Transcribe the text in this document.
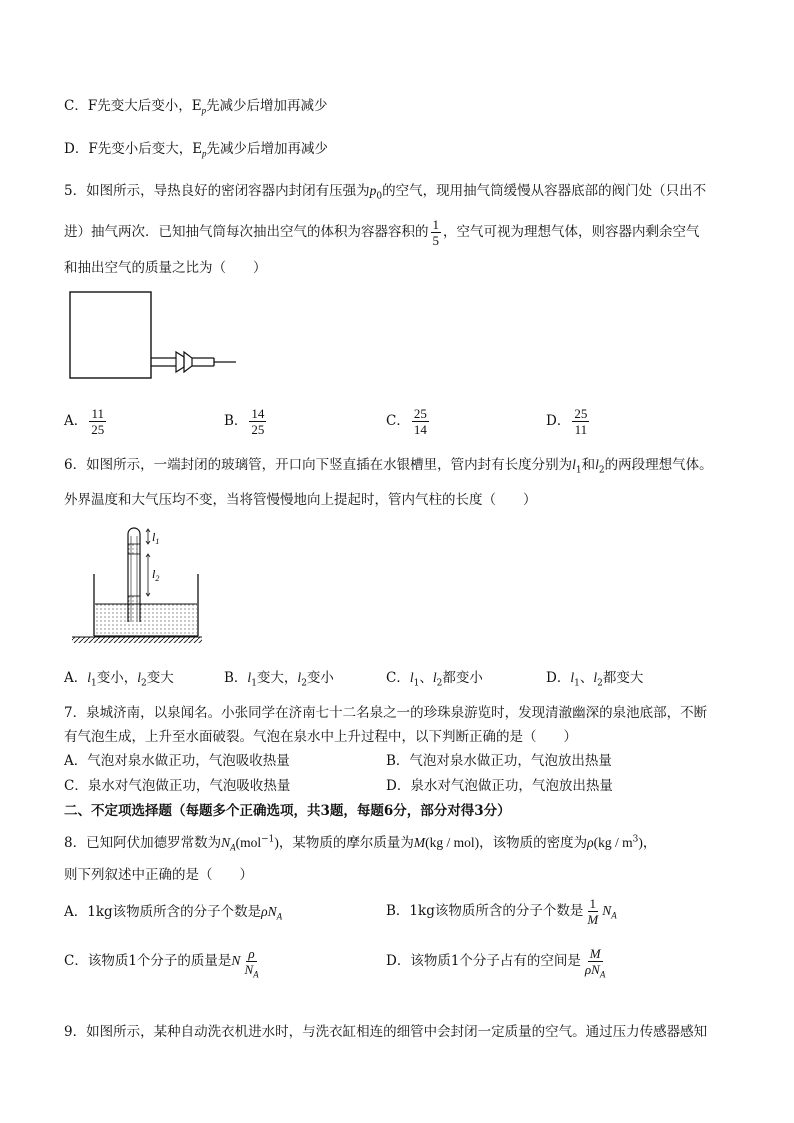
C．F先变大后变小，$E_p$先减少后增加再减少
D．F先变小后变大，$E_p$先减少后增加再减少
5．如图所示，导热良好的密闭容器内封闭有压强为$p_0$的空气，现用抽气筒缓慢从容器底部的阀门处（只出不
进）抽气两次．已知抽气筒每次抽出空气的体积为容器容积的 $\frac{1}{5}$ ，空气可视为理想气体，则容器内剩余空气
和抽出空气的质量之比为（　　）
A． $\frac{11}{25}$	B． $\frac{14}{25}$	C． $\frac{25}{14}$	D． $\frac{25}{11}$
6．如图所示，一端封闭的玻璃管，开口向下竖直插在水银槽里，管内封有长度分别为$l_1$和$l_2$的两段理想气体。
外界温度和大气压均不变，当将管慢慢地向上提起时，管内气柱的长度（　　）
$l_1$
$l_2$
A．$l_1$变小，$l_2$变大	B．$l_1$变大，$l_2$变小	C．$l_1$、$l_2$都变小	D．$l_1$、$l_2$都变大
7．泉城济南，以泉闻名。小张同学在济南七十二名泉之一的珍珠泉游览时，发现清澈幽深的泉池底部，不断
有气泡生成，上升至水面破裂。气泡在泉水中上升过程中，以下判断正确的是（　　）
A．气泡对泉水做正功，气泡吸收热量	B．气泡对泉水做正功，气泡放出热量
C．泉水对气泡做正功，气泡吸收热量	D．泉水对气泡做正功，气泡放出热量
二、不定项选择题（每题多个正确选项，共3题，每题6分，部分对得3分）
8．已知阿伏加德罗常数为$N_A(mol^{-1})$，某物质的摩尔质量为M(kg / mol)，该物质的密度为$\rho(kg / m^3)$，
则下列叙述中正确的是（　　）
A．1kg该物质所含的分子个数是$\rho N_A$	B．1kg该物质所含的分子个数是 $\frac{1}{M} N_A$
C．该物质1个分子的质量是N $\frac{\rho}{N_A}$	D．该物质1个分子占有的空间是 $\frac{M}{\rho N_A}$
9．如图所示，某种自动洗衣机进水时，与洗衣缸相连的细管中会封闭一定质量的空气。通过压力传感器感知
